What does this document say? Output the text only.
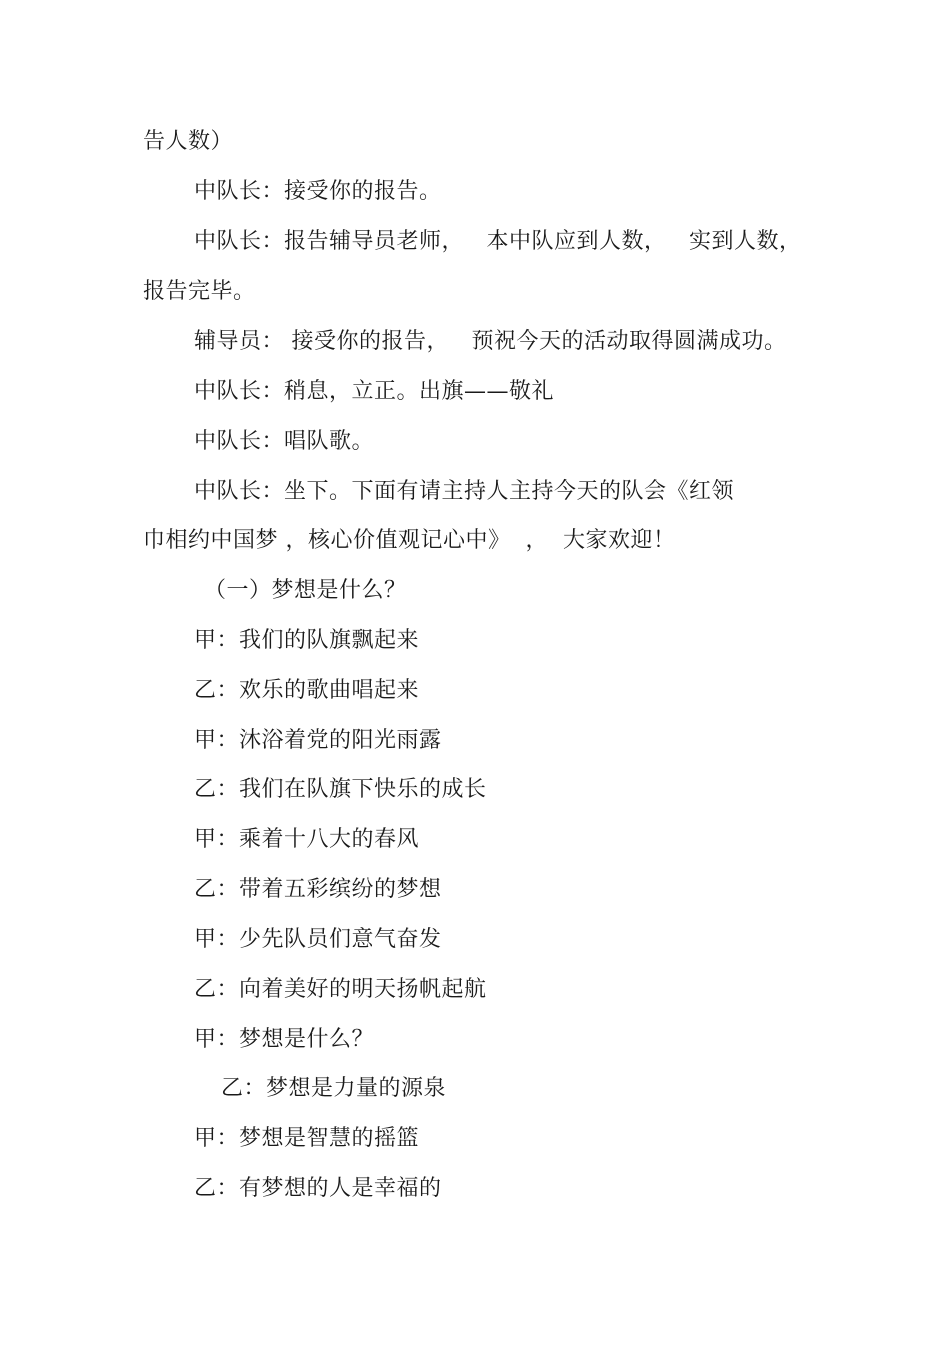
告人数）
中队长：接受你的报告。
中队长：报告辅导员老师，   本中队应到人数，   实到人数，
报告完毕。
辅导员： 接受你的报告，   预祝今天的活动取得圆满成功。
中队长：稍息，立正。出旗——敬礼
中队长：唱队歌。
中队长：坐下。下面有请主持人主持今天的队会《红领
巾相约中国梦 ，核心价值观记心中》  ，  大家欢迎！
（一）梦想是什么？
甲：我们的队旗飘起来
乙：欢乐的歌曲唱起来
甲：沐浴着党的阳光雨露
乙：我们在队旗下快乐的成长
甲：乘着十八大的春风
乙：带着五彩缤纷的梦想
甲：少先队员们意气奋发
乙：向着美好的明天扬帆起航
甲：梦想是什么？
乙：梦想是力量的源泉
甲：梦想是智慧的摇篮
乙：有梦想的人是幸福的
